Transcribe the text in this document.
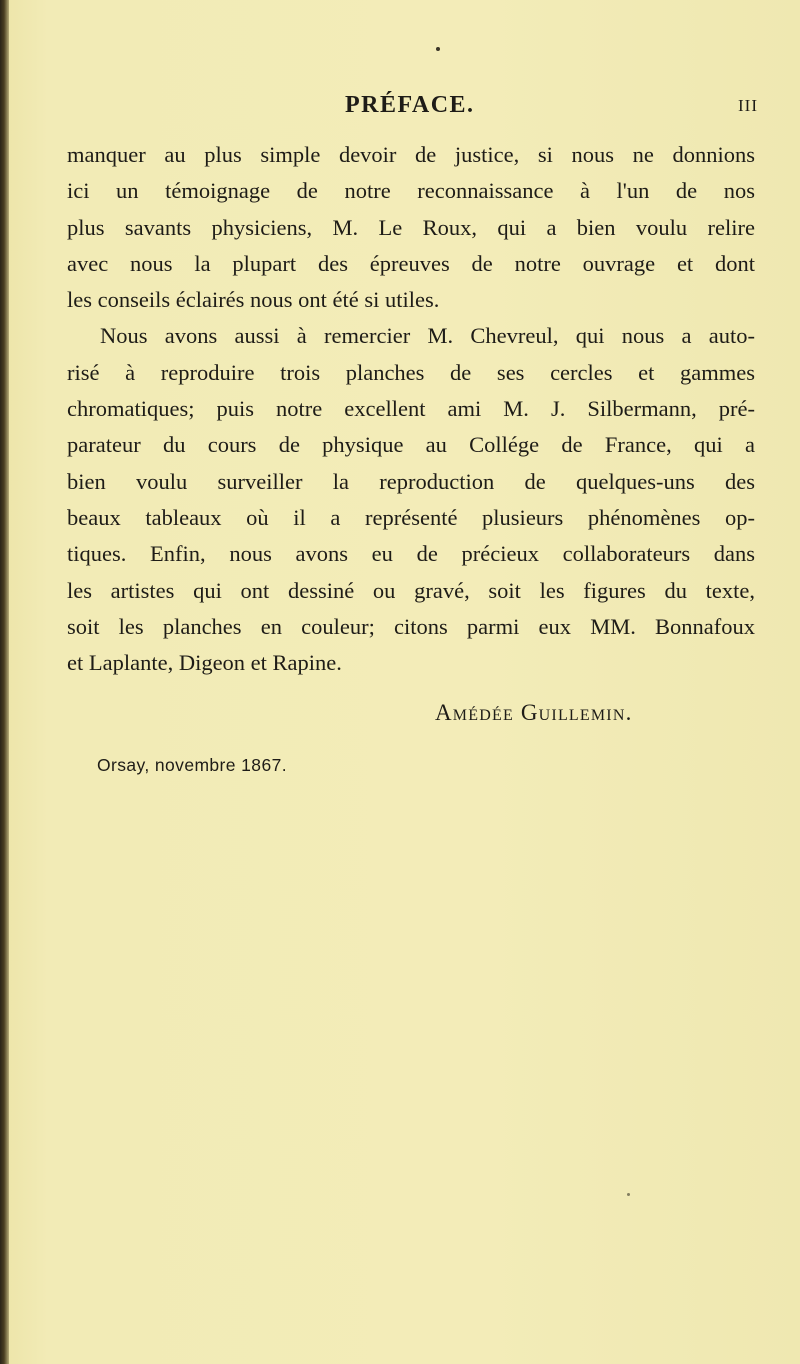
PRÉFACE.	III
manquer au plus simple devoir de justice, si nous ne donnions
ici un témoignage de notre reconnaissance à l'un de nos
plus savants physiciens, M. Le Roux, qui a bien voulu relire
avec nous la plupart des épreuves de notre ouvrage et dont
les conseils éclairés nous ont été si utiles.
Nous avons aussi à remercier M. Chevreul, qui nous a auto-
risé à reproduire trois planches de ses cercles et gammes
chromatiques; puis notre excellent ami M. J. Silbermann, pré-
parateur du cours de physique au Collége de France, qui a
bien voulu surveiller la reproduction de quelques-uns des
beaux tableaux où il a représenté plusieurs phénomènes op-
tiques. Enfin, nous avons eu de précieux collaborateurs dans
les artistes qui ont dessiné ou gravé, soit les figures du texte,
soit les planches en couleur; citons parmi eux MM. Bonnafoux
et Laplante, Digeon et Rapine.
Amédée Guillemin.
Orsay, novembre 1867.
